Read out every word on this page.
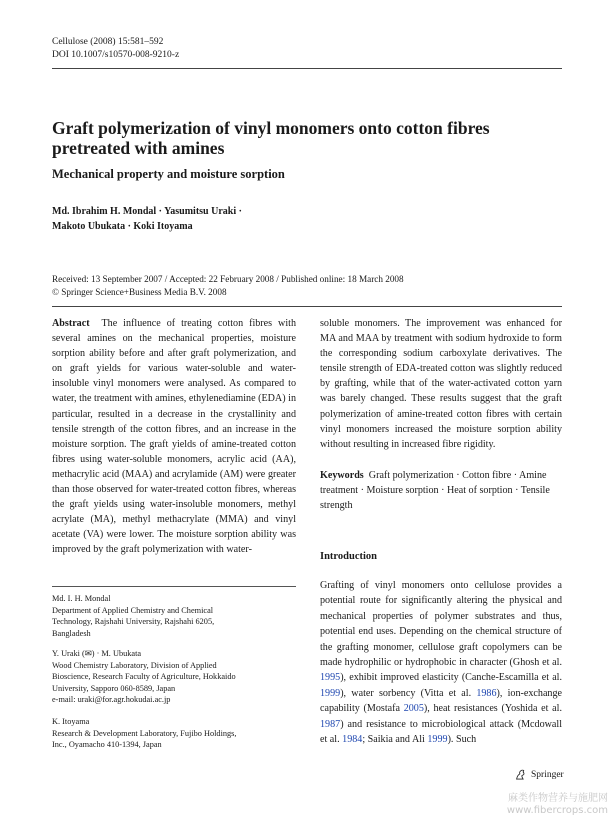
Cellulose (2008) 15:581–592
DOI 10.1007/s10570-008-9210-z
Graft polymerization of vinyl monomers onto cotton fibres pretreated with amines
Mechanical property and moisture sorption
Md. Ibrahim H. Mondal · Yasumitsu Uraki ·
Makoto Ubukata · Koki Itoyama
Received: 13 September 2007 / Accepted: 22 February 2008 / Published online: 18 March 2008
© Springer Science+Business Media B.V. 2008
Abstract The influence of treating cotton fibres with several amines on the mechanical properties, moisture sorption ability before and after graft polymerization, and on graft yields for various water-soluble and water-insoluble vinyl monomers were analysed. As compared to water, the treatment with amines, ethylenediamine (EDA) in particular, resulted in a decrease in the crystallinity and tensile strength of the cotton fibres, and an increase in the moisture sorption. The graft yields of amine-treated cotton fibres using water-soluble monomers, acrylic acid (AA), methacrylic acid (MAA) and acrylamide (AM) were greater than those observed for water-treated cotton fibres, whereas the graft yields using water-insoluble monomers, methyl acrylate (MA), methyl methacrylate (MMA) and vinyl acetate (VA) were lower. The moisture sorption ability was improved by the graft polymerization with water-
soluble monomers. The improvement was enhanced for MA and MAA by treatment with sodium hydroxide to form the corresponding sodium carboxylate derivatives. The tensile strength of EDA-treated cotton was slightly reduced by grafting, while that of the water-activated cotton yarn was barely changed. These results suggest that the graft polymerization of amine-treated cotton fibres with certain vinyl monomers increased the moisture sorption ability without resulting in increased fibre rigidity.
Keywords Graft polymerization · Cotton fibre · Amine treatment · Moisture sorption · Heat of sorption · Tensile strength
Introduction
Grafting of vinyl monomers onto cellulose provides a potential route for significantly altering the physical and mechanical properties of polymer substrates and thus, potential end uses. Depending on the chemical structure of the grafting monomer, cellulose graft copolymers can be made hydrophilic or hydrophobic in character (Ghosh et al. 1995), exhibit improved elasticity (Canche-Escamilla et al. 1999), water sorbency (Vitta et al. 1986), ion-exchange capability (Mostafa 2005), heat resistances (Yoshida et al. 1987) and resistance to microbiological attack (Mcdowall et al. 1984; Saikia and Ali 1999). Such
Md. I. H. Mondal
Department of Applied Chemistry and Chemical
Technology, Rajshahi University, Rajshahi 6205,
Bangladesh
Y. Uraki (✉) · M. Ubukata
Wood Chemistry Laboratory, Division of Applied
Bioscience, Research Faculty of Agriculture, Hokkaido
University, Sapporo 060-8589, Japan
e-mail: uraki@for.agr.hokudai.ac.jp
K. Itoyama
Research & Development Laboratory, Fujibo Holdings,
Inc., Oyamacho 410-1394, Japan
Springer
麻类作物营养与施肥网
www.fibercrops.com
